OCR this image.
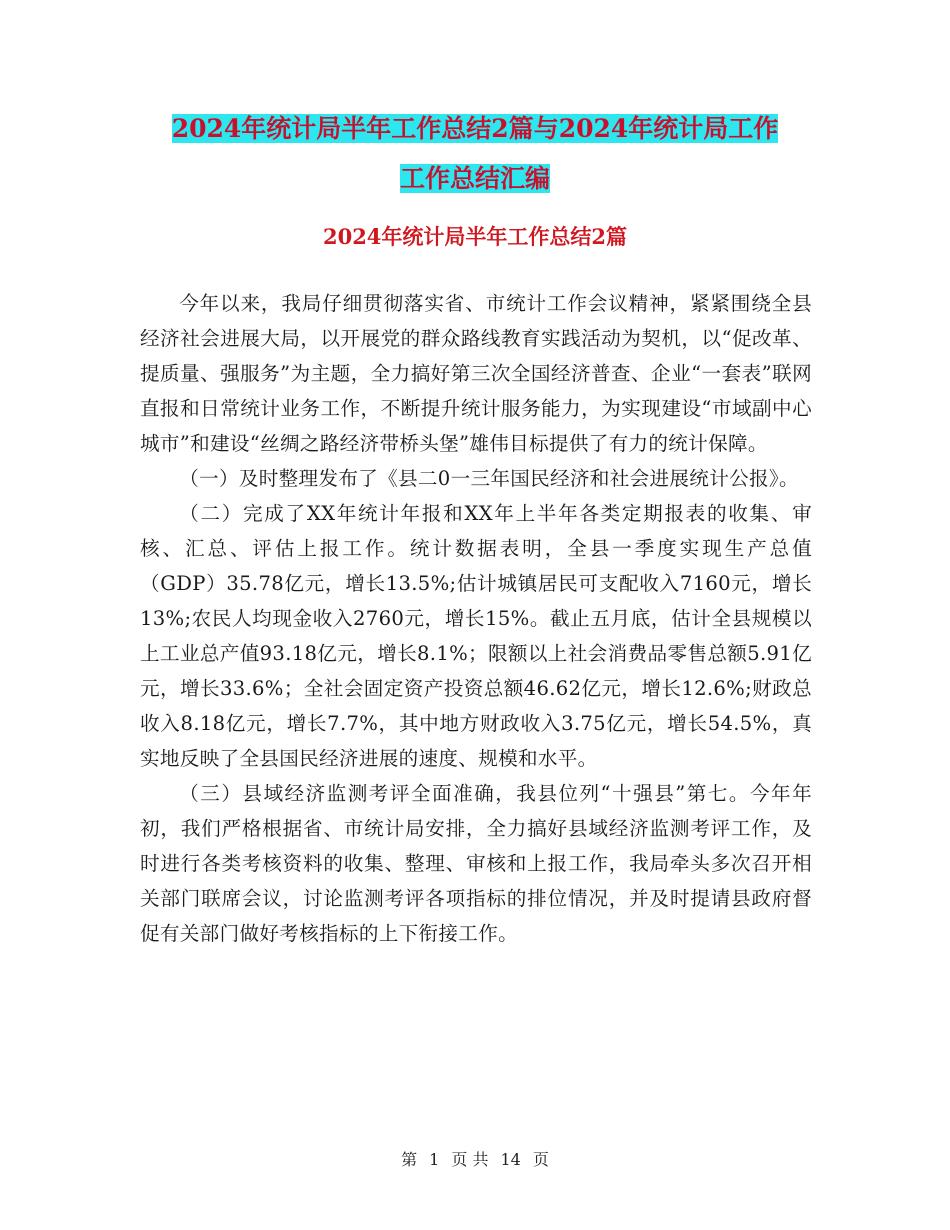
2024年统计局半年工作总结2篇与2024年统计局工作
工作总结汇编
2024年统计局半年工作总结2篇

今年以来，我局仔细贯彻落实省、市统计工作会议精神，紧紧围绕全县经济社会进展大局，以开展党的群众路线教育实践活动为契机，以“促改革、提质量、强服务”为主题，全力搞好第三次全国经济普查、企业“一套表”联网直报和日常统计业务工作，不断提升统计服务能力，为实现建设“市域副中心城市”和建设“丝绸之路经济带桥头堡”雄伟目标提供了有力的统计保障。

（一）及时整理发布了《县二0一三年国民经济和社会进展统计公报》。

（二）完成了XX年统计年报和XX年上半年各类定期报表的收集、审核、汇总、评估上报工作。统计数据表明，全县一季度实现生产总值（GDP）35.78亿元，增长13.5%;估计城镇居民可支配收入7160元，增长13%;农民人均现金收入2760元，增长15%。截止五月底，估计全县规模以上工业总产值93.18亿元，增长8.1%；限额以上社会消费品零售总额5.91亿元，增长33.6%；全社会固定资产投资总额46.62亿元，增长12.6%;财政总收入8.18亿元，增长7.7%，其中地方财政收入3.75亿元，增长54.5%，真实地反映了全县国民经济进展的速度、规模和水平。

（三）县域经济监测考评全面准确，我县位列“十强县”第七。今年年初，我们严格根据省、市统计局安排，全力搞好县域经济监测考评工作，及时进行各类考核资料的收集、整理、审核和上报工作，我局牵头多次召开相关部门联席会议，讨论监测考评各项指标的排位情况，并及时提请县政府督促有关部门做好考核指标的上下衔接工作。

第 1 页 共 14 页
